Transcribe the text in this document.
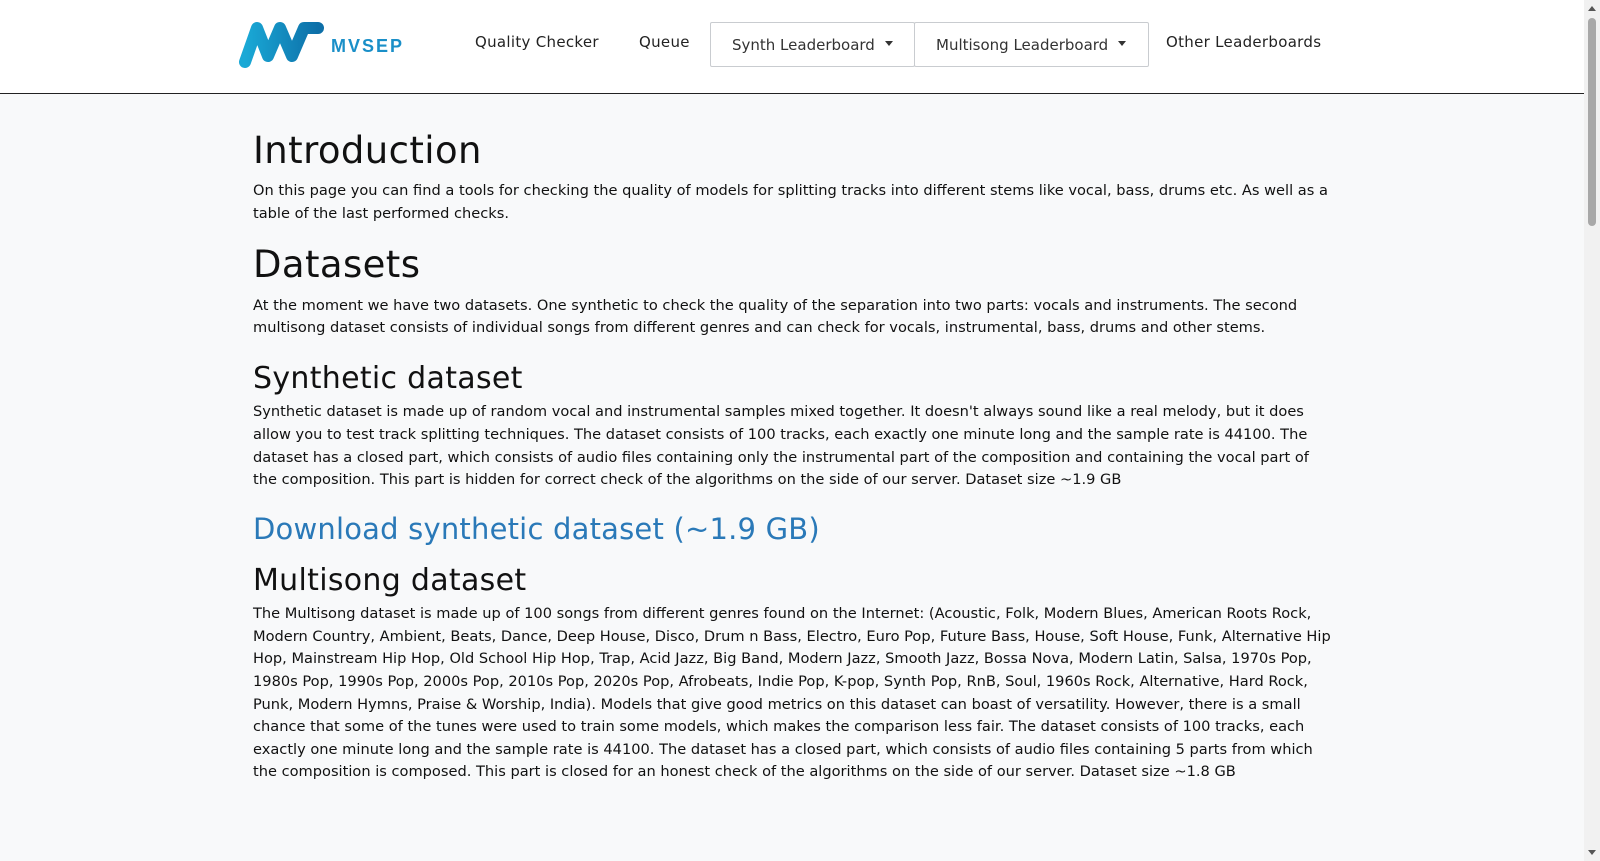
MVSEP	Quality Checker	Queue	Synth Leaderboard	Multisong Leaderboard	Other Leaderboards
Introduction

On this page you can find a tools for checking the quality of models for splitting tracks into different stems like vocal, bass, drums etc. As well as a table of the last performed checks.

Datasets

At the moment we have two datasets. One synthetic to check the quality of the separation into two parts: vocals and instruments. The second multisong dataset consists of individual songs from different genres and can check for vocals, instrumental, bass, drums and other stems.

Synthetic dataset

Synthetic dataset is made up of random vocal and instrumental samples mixed together. It doesn't always sound like a real melody, but it does allow you to test track splitting techniques. The dataset consists of 100 tracks, each exactly one minute long and the sample rate is 44100. The dataset has a closed part, which consists of audio files containing only the instrumental part of the composition and containing the vocal part of the composition. This part is hidden for correct check of the algorithms on the side of our server. Dataset size ~1.9 GB

Download synthetic dataset (~1.9 GB)
Multisong dataset

The Multisong dataset is made up of 100 songs from different genres found on the Internet: (Acoustic, Folk, Modern Blues, American Roots Rock, Modern Country, Ambient, Beats, Dance, Deep House, Disco, Drum n Bass, Electro, Euro Pop, Future Bass, House, Soft House, Funk, Alternative Hip Hop, Mainstream Hip Hop, Old School Hip Hop, Trap, Acid Jazz, Big Band, Modern Jazz, Smooth Jazz, Bossa Nova, Modern Latin, Salsa, 1970s Pop, 1980s Pop, 1990s Pop, 2000s Pop, 2010s Pop, 2020s Pop, Afrobeats, Indie Pop, K-pop, Synth Pop, RnB, Soul, 1960s Rock, Alternative, Hard Rock, Punk, Modern Hymns, Praise & Worship, India). Models that give good metrics on this dataset can boast of versatility. However, there is a small chance that some of the tunes were used to train some models, which makes the comparison less fair. The dataset consists of 100 tracks, each exactly one minute long and the sample rate is 44100. The dataset has a closed part, which consists of audio files containing 5 parts from which the composition is composed. This part is closed for an honest check of the algorithms on the side of our server. Dataset size ~1.8 GB
